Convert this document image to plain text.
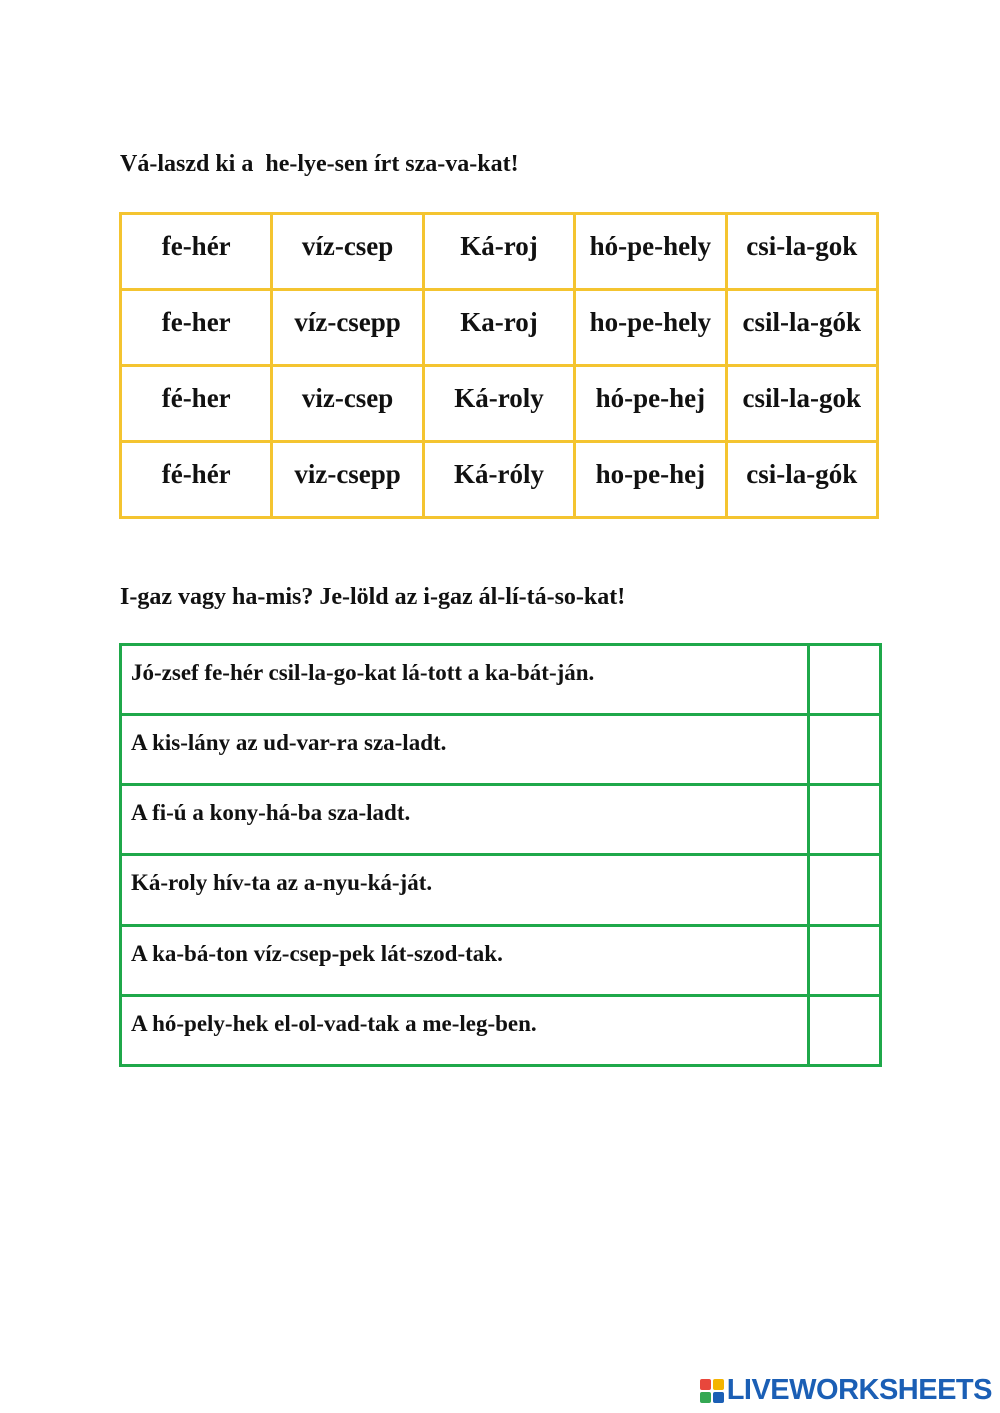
Vá-laszd ki a  he-lye-sen írt sza-va-kat!

fe-hér	víz-csep	Ká-roj	hó-pe-hely	csi-la-gok
fe-her	víz-csepp	Ka-roj	ho-pe-hely	csil-la-gók
fé-her	viz-csep	Ká-roly	hó-pe-hej	csil-la-gok
fé-hér	viz-csepp	Ká-róly	ho-pe-hej	csi-la-gók

I-gaz vagy ha-mis? Je-löld az i-gaz ál-lí-tá-so-kat!

Jó-zsef fe-hér csil-la-go-kat lá-tott a ka-bát-ján.	
A kis-lány az ud-var-ra sza-ladt.	
A fi-ú a kony-há-ba sza-ladt.	
Ká-roly hív-ta az a-nyu-ká-ját.	
A ka-bá-ton víz-csep-pek lát-szod-tak.	
A hó-pely-hek el-ol-vad-tak a me-leg-ben.	
LIVEWORKSHEETS
